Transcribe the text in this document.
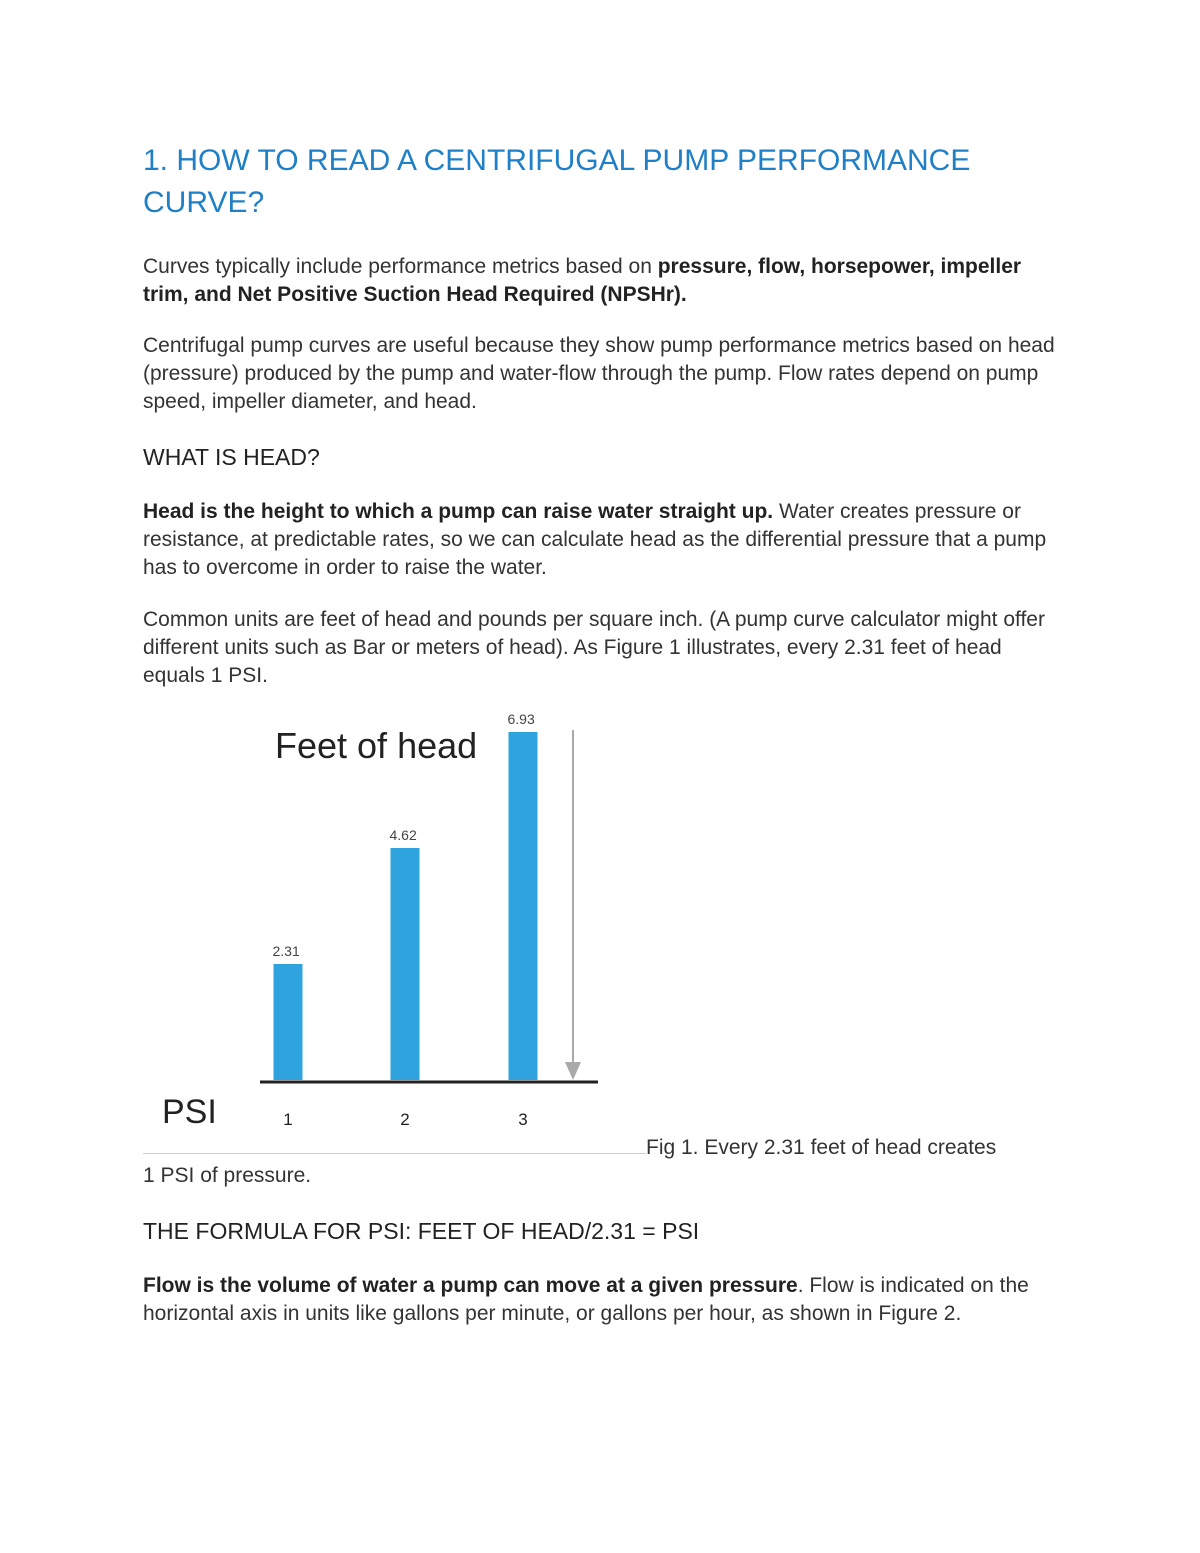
1. HOW TO READ A CENTRIFUGAL PUMP PERFORMANCE CURVE?

Curves typically include performance metrics based on pressure, flow, horsepower, impeller trim, and Net Positive Suction Head Required (NPSHr).

Centrifugal pump curves are useful because they show pump performance metrics based on head (pressure) produced by the pump and water-flow through the pump. Flow rates depend on pump speed, impeller diameter, and head.

WHAT IS HEAD?

Head is the height to which a pump can raise water straight up. Water creates pressure or resistance, at predictable rates, so we can calculate head as the differential pressure that a pump has to overcome in order to raise the water.

Common units are feet of head and pounds per square inch. (A pump curve calculator might offer different units such as Bar or meters of head). As Figure 1 illustrates, every 2.31 feet of head equals 1 PSI.

Feet of head
2.31
1
4.62
2
6.93
3
PSI
Fig 1. Every 2.31 feet of head creates
1 PSI of pressure.
THE FORMULA FOR PSI: FEET OF HEAD/2.31 = PSI

Flow is the volume of water a pump can move at a given pressure. Flow is indicated on the horizontal axis in units like gallons per minute, or gallons per hour, as shown in Figure 2.
